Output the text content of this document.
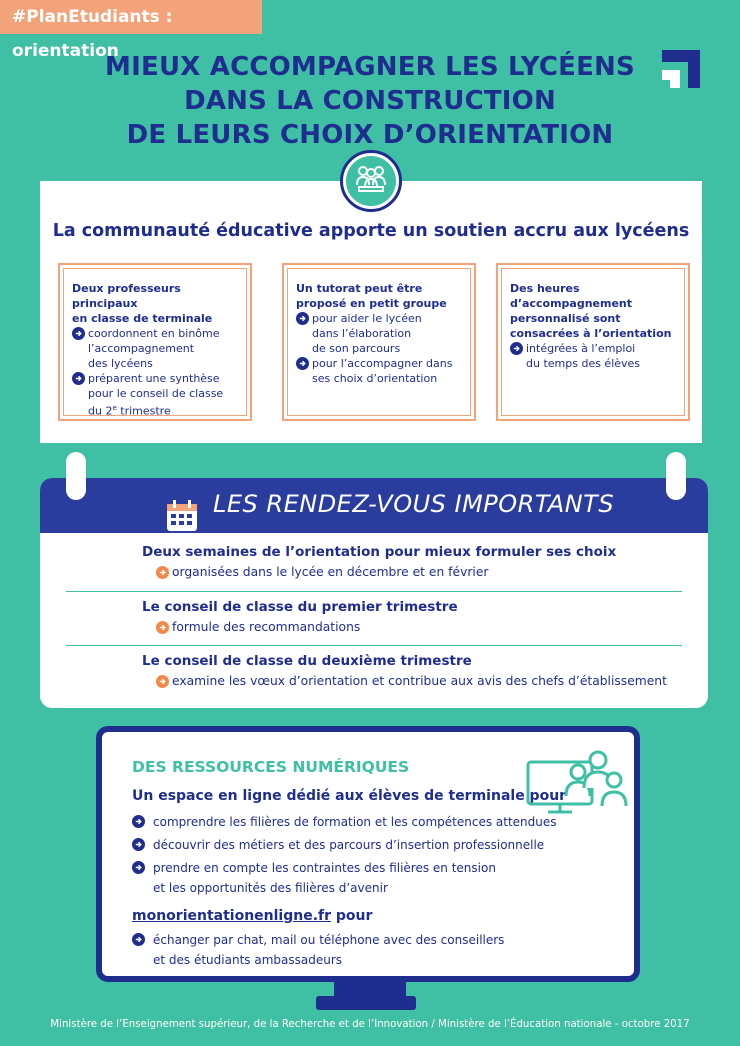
#PlanEtudiants : orientation
MIEUX ACCOMPAGNER LES LYCÉENS
DANS LA CONSTRUCTION
DE LEURS CHOIX D’ORIENTATION
La communauté éducative apporte un soutien accru aux lycéens
Deux professeurs principaux
en classe de terminale
coordonnent en binôme
l’accompagnement
des lycéens
préparent une synthèse
pour le conseil de classe
du 2e trimestre
Un tutorat peut être
proposé en petit groupe
pour aider le lycéen
dans l’élaboration
de son parcours
pour l’accompagner dans
ses choix d’orientation
Des heures
d’accompagnement
personnalisé sont
consacrées à l’orientation
intégrées à l’emploi
du temps des élèves
LES RENDEZ-VOUS IMPORTANTS
Deux semaines de l’orientation pour mieux formuler ses choix

organisées dans le lycée en décembre et en février

Le conseil de classe du premier trimestre

formule des recommandations

Le conseil de classe du deuxième trimestre

examine les vœux d’orientation et contribue aux avis des chefs d’établissement

DES RESSOURCES NUMÉRIQUES
Un espace en ligne dédié aux élèves de terminale pour
comprendre les filières de formation et les compétences attendues
découvrir des métiers et des parcours d’insertion professionnelle
prendre en compte les contraintes des filières en tension
et les opportunités des filières d’avenir
monorientationenligne.fr pour
échanger par chat, mail ou téléphone avec des conseillers
et des étudiants ambassadeurs
Ministère de l’Enseignement supérieur, de la Recherche et de l’Innovation / Ministère de l’Éducation nationale - octobre 2017
